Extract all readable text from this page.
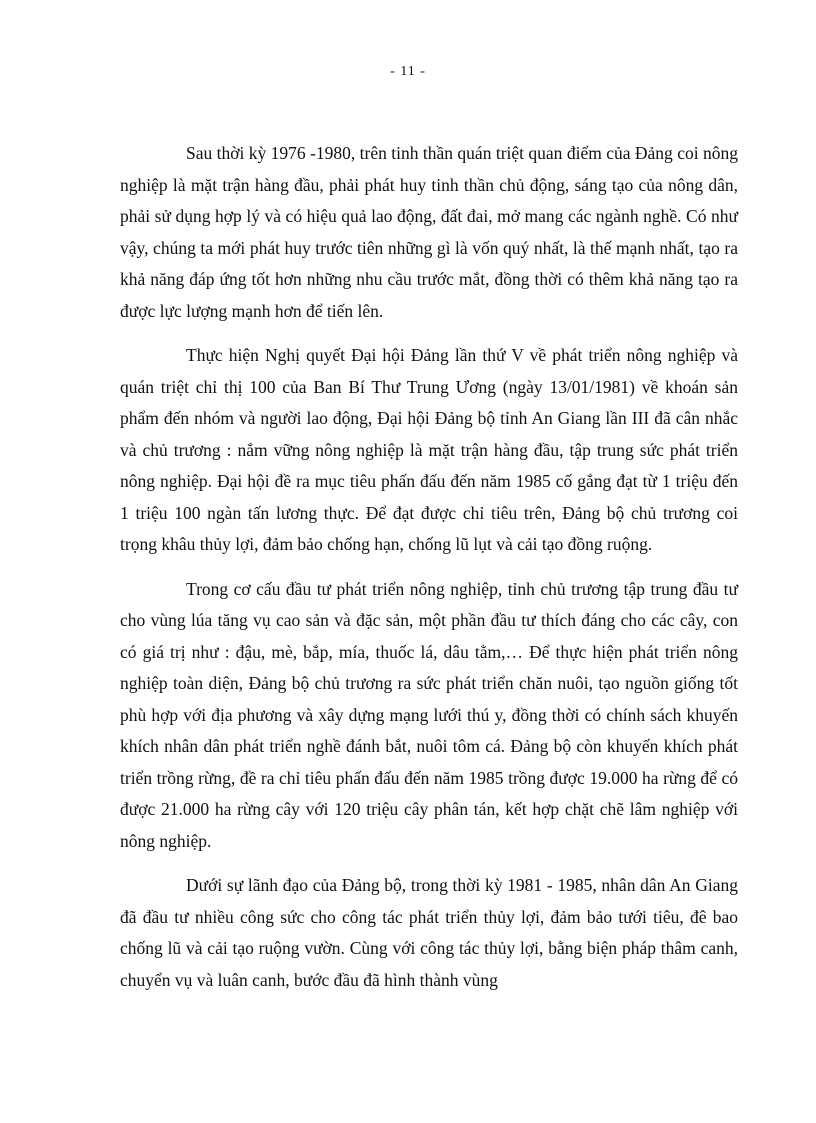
- 11 -

Sau thời kỳ 1976 -1980, trên tinh thần quán triệt quan điểm của Đảng coi nông nghiệp là mặt trận hàng đầu, phải phát huy tinh thần chủ động, sáng tạo của nông dân, phải sử dụng hợp lý và có hiệu quả lao động, đất đai, mở mang các ngành nghề. Có như vậy, chúng ta mới phát huy trước tiên những gì là vốn quý nhất, là thế mạnh nhất, tạo ra khả năng đáp ứng tốt hơn những nhu cầu trước mắt, đồng thời có thêm khả năng tạo ra được lực lượng mạnh hơn để tiến lên.

Thực hiện Nghị quyết Đại hội Đảng lần thứ V về phát triển nông nghiệp và quán triệt chỉ thị 100 của Ban Bí Thư Trung Ương (ngày 13/01/1981) về khoán sản phẩm đến nhóm và người lao động, Đại hội Đảng bộ tỉnh An Giang lần III đã cân nhắc và chủ trương : nắm vững nông nghiệp là mặt trận hàng đầu, tập trung sức phát triển nông nghiệp. Đại hội đề ra mục tiêu phấn đấu đến năm 1985 cố gắng đạt từ 1 triệu đến 1 triệu 100 ngàn tấn lương thực. Để đạt được chỉ tiêu trên, Đảng bộ chủ trương coi trọng khâu thủy lợi, đảm bảo chống hạn, chống lũ lụt và cải tạo đồng ruộng.

Trong cơ cấu đầu tư phát triển nông nghiệp, tỉnh chủ trương tập trung đầu tư cho vùng lúa tăng vụ cao sản và đặc sản, một phần đầu tư thích đáng cho các cây, con có giá trị như : đậu, mè, bắp, mía, thuốc lá, dâu tằm,… Để thực hiện phát triển nông nghiệp toàn diện, Đảng bộ chủ trương ra sức phát triển chăn nuôi, tạo nguồn giống tốt phù hợp với địa phương và xây dựng mạng lưới thú y, đồng thời có chính sách khuyến khích nhân dân phát triển nghề đánh bắt, nuôi tôm cá. Đảng bộ còn khuyến khích phát triển trồng rừng, đề ra chỉ tiêu phấn đấu đến năm 1985 trồng được 19.000 ha rừng để có được 21.000 ha rừng cây với 120 triệu cây phân tán, kết hợp chặt chẽ lâm nghiệp với nông nghiệp.

Dưới sự lãnh đạo của Đảng bộ, trong thời kỳ 1981 - 1985, nhân dân An Giang đã đầu tư nhiều công sức cho công tác phát triển thủy lợi, đảm bảo tưới tiêu, đê bao chống lũ và cải tạo ruộng vườn. Cùng với công tác thủy lợi, bằng biện pháp thâm canh, chuyển vụ và luân canh, bước đầu đã hình thành vùng
